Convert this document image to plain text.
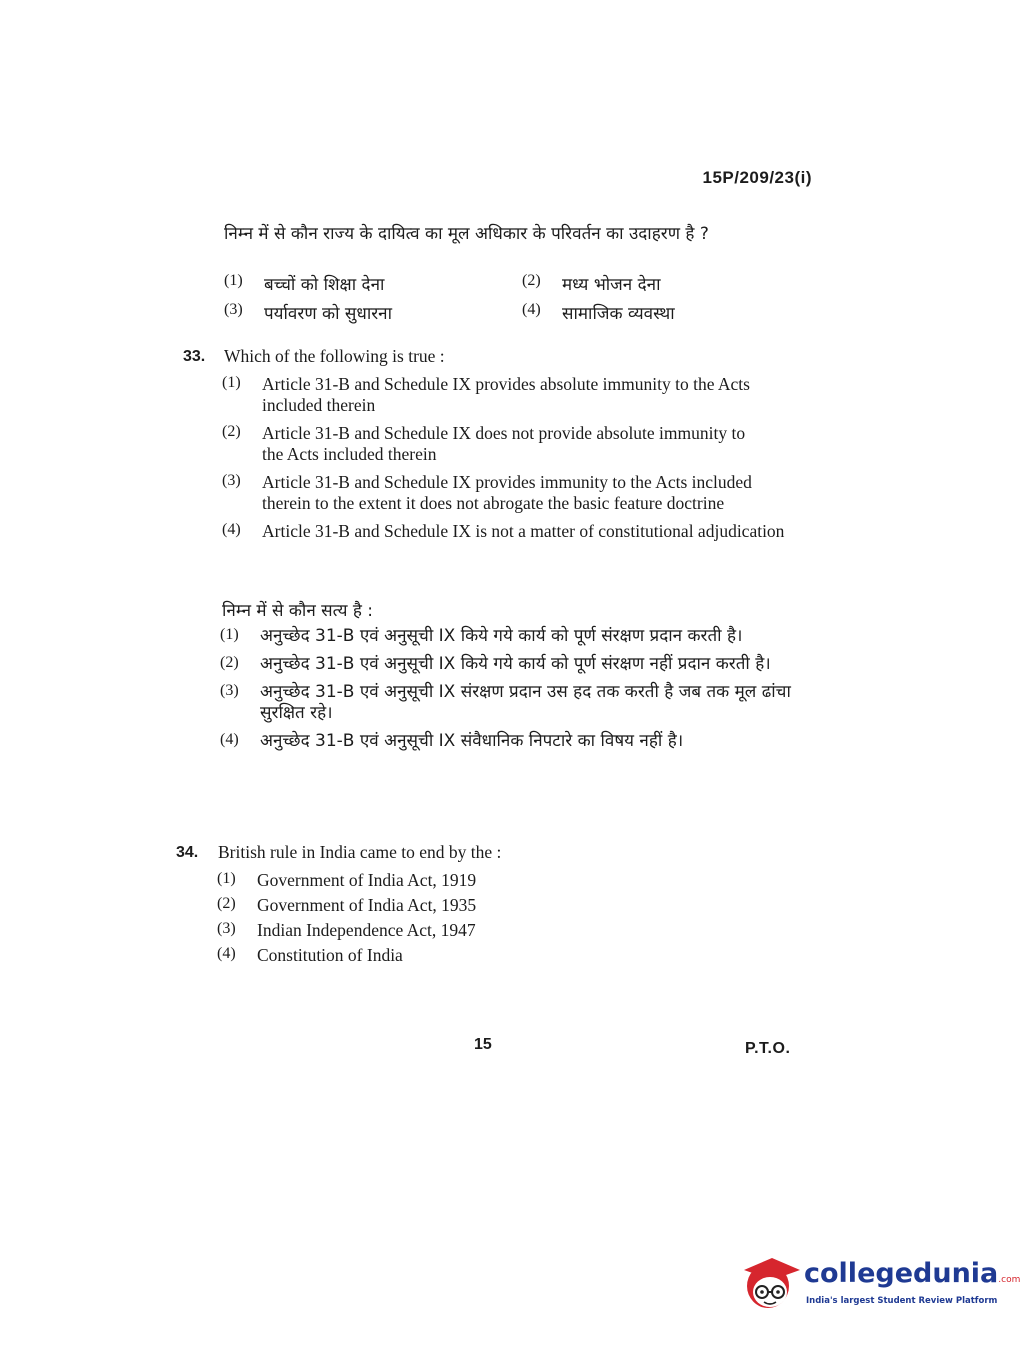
15P/209/23(i)
निम्न में से कौन राज्य के दायित्व का मूल अधिकार के परिवर्तन का उदाहरण है ?
(1)	बच्चों को शिक्षा देना	(2)	मध्य भोजन देना
(3)	पर्यावरण को सुधारना	(4)	सामाजिक व्यवस्था
33. Which of the following is true :
(1)	Article 31-B and Schedule IX provides absolute immunity to the Acts included therein
(2)	Article 31-B and Schedule IX does not provide absolute immunity to the Acts included therein
(3)	Article 31-B and Schedule IX provides immunity to the Acts included therein to the extent it does not abrogate the basic feature doctrine
(4)	Article 31-B and Schedule IX is not a matter of constitutional adjudication
निम्न में से कौन सत्य है :
(1)	अनुच्छेद 31-B एवं अनुसूची IX किये गये कार्य को पूर्ण संरक्षण प्रदान करती है।
(2)	अनुच्छेद 31-B एवं अनुसूची IX किये गये कार्य को पूर्ण संरक्षण नहीं प्रदान करती है।
(3)	अनुच्छेद 31-B एवं अनुसूची IX संरक्षण प्रदान उस हद तक करती है जब तक मूल ढांचा सुरक्षित रहे।
(4)	अनुच्छेद 31-B एवं अनुसूची IX संवैधानिक निपटारे का विषय नहीं है।
34. British rule in India came to end by the :
(1)	Government of India Act, 1919
(2)	Government of India Act, 1935
(3)	Indian Independence Act, 1947
(4)	Constitution of India
15	P.T.O.
collegedunia.com
India's largest Student Review Platform
